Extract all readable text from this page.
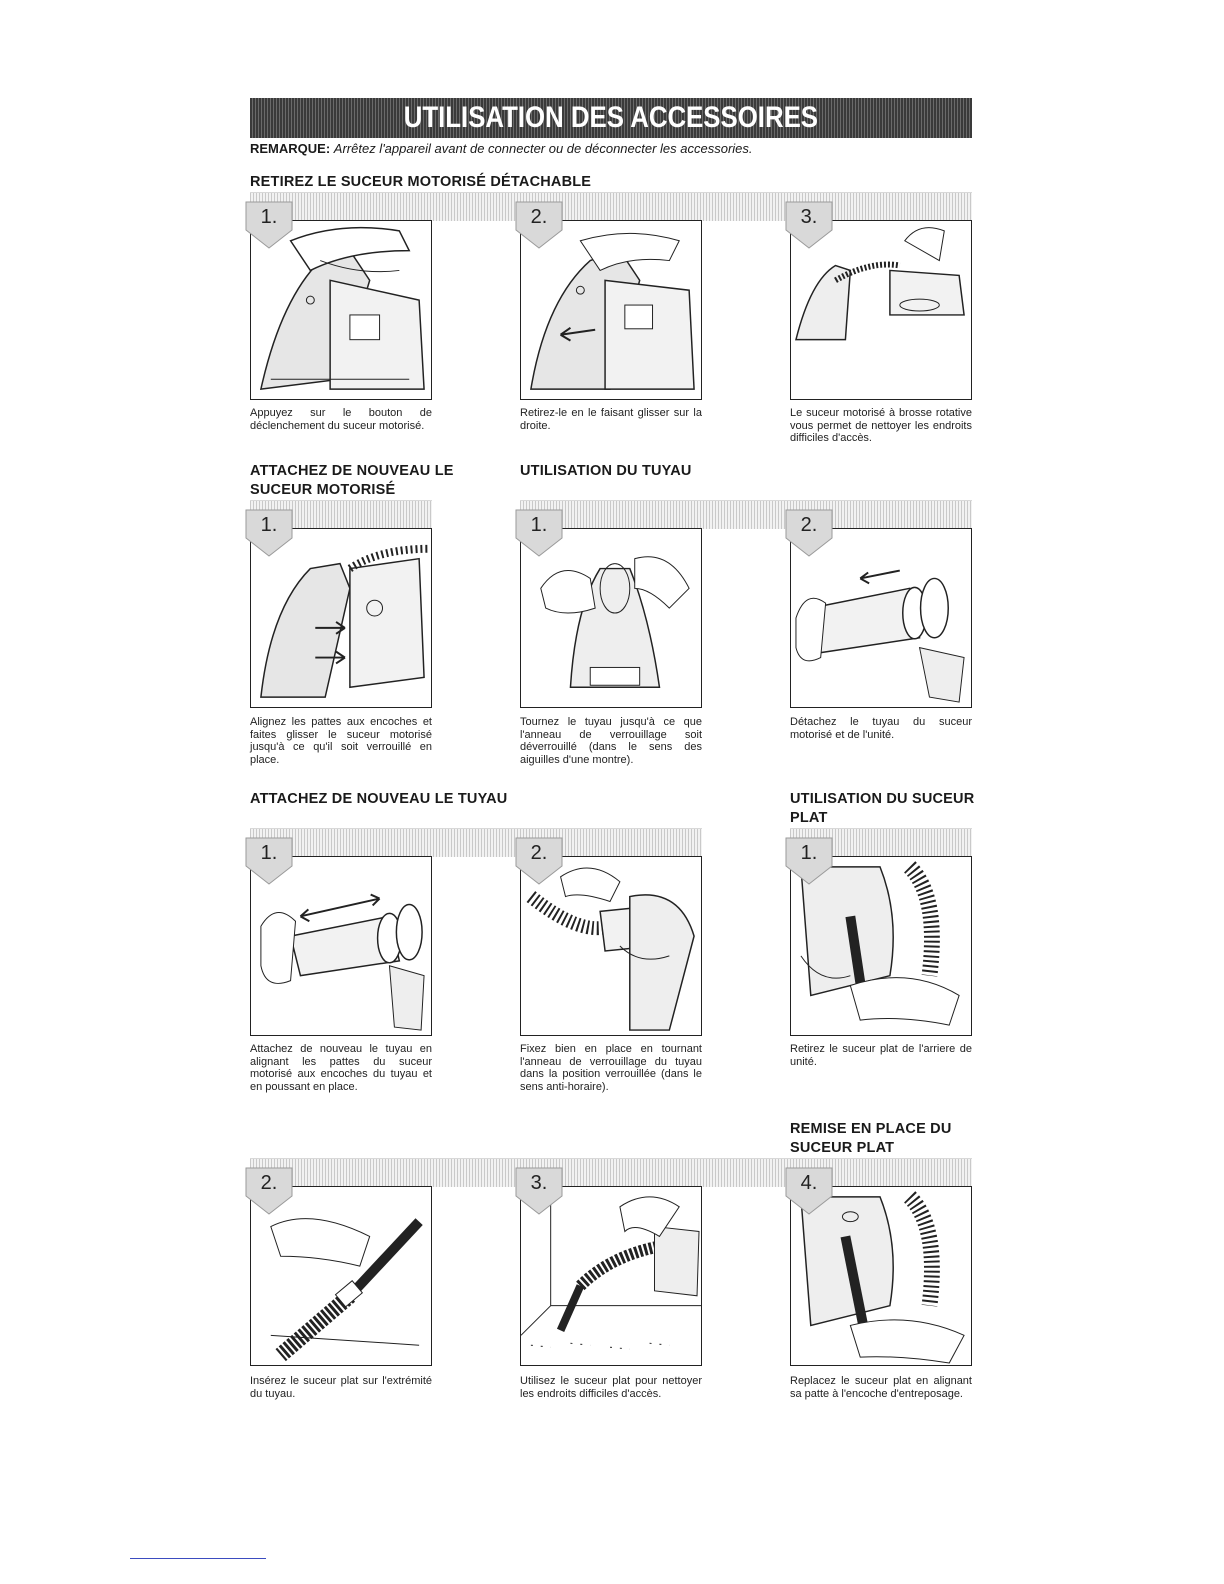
UTILISATION DES ACCESSOIRES
REMARQUE: Arrêtez l'appareil avant de connecter ou de déconnecter les accessories.
RETIREZ LE SUCEUR MOTORISÉ DÉTACHABLE
1.
Appuyez sur le bouton de déclenchement du suceur motorisé.
2.
Retirez-le en le faisant glisser sur la droite.
3.
Le suceur motorisé à brosse rotative vous permet de nettoyer les endroits difficiles d'accès.
ATTACHEZ DE NOUVEAU LE
SUCEUR MOTORISÉ
UTILISATION DU TUYAU
1.
Alignez les pattes aux encoches et faites glisser le suceur motorisé jusqu'à ce qu'il soit verrouillé en place.
1.
Tournez le tuyau jusqu'à ce que l'anneau de verrouillage soit déverrouillé (dans le sens des aiguilles d'une montre).
2.
Détachez le tuyau du suceur motorisé et de l'unité.
ATTACHEZ DE NOUVEAU LE TUYAU	UTILISATION DU SUCEUR
PLAT
1.
Attachez de nouveau le tuyau en alignant les pattes du suceur motorisé aux encoches du tuyau et en poussant en place.
2.
Fixez bien en place en tournant l'anneau de verrouillage du tuyau dans la position verrouillée (dans le sens anti-horaire).
1.
Retirez le suceur plat de l'arriere de unité.
REMISE EN PLACE DU
SUCEUR PLAT
2.
Insérez le suceur plat sur l'extrémité du tuyau.
3.
Utilisez le suceur plat pour nettoyer les endroits difficiles d'accès.
4.
Replacez le suceur plat en alignant sa patte à l'encoche d'entreposage.
